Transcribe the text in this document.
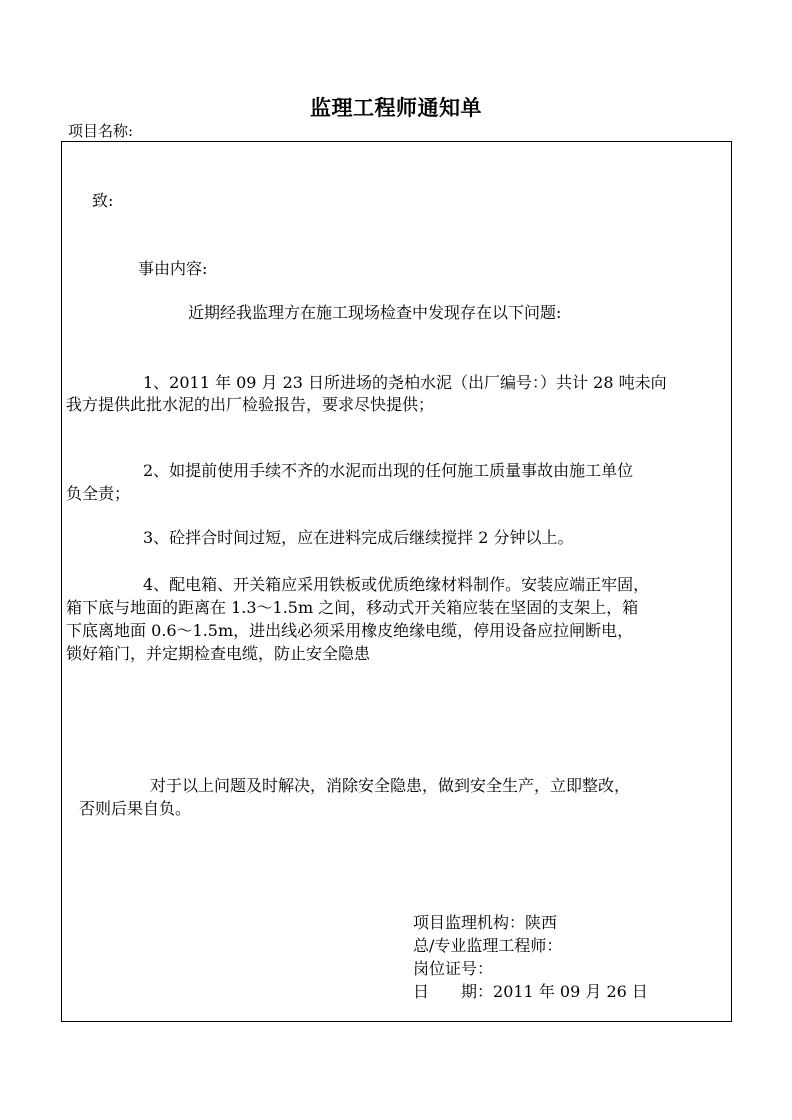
监理工程师通知单
项目名称:
致:
事由内容:
近期经我监理方在施工现场检查中发现存在以下问题:
1、2011 年 09 月 23 日所进场的尧柏水泥（出厂编号：）共计 28 吨未向
我方提供此批水泥的出厂检验报告，要求尽快提供；
2、如提前使用手续不齐的水泥而出现的任何施工质量事故由施工单位
负全责；
3、砼拌合时间过短，应在进料完成后继续搅拌 2 分钟以上。
4、配电箱、开关箱应采用铁板或优质绝缘材料制作。安装应端正牢固，
箱下底与地面的距离在 1.3～1.5m 之间，移动式开关箱应装在坚固的支架上，箱
下底离地面 0.6～1.5m，进出线必须采用橡皮绝缘电缆，停用设备应拉闸断电，
锁好箱门，并定期检查电缆，防止安全隐患
对于以上问题及时解决，消除安全隐患，做到安全生产，立即整改，
否则后果自负。
项目监理机构：陕西
总/专业监理工程师：
岗位证号：
日　　期：2011 年 09 月 26 日
